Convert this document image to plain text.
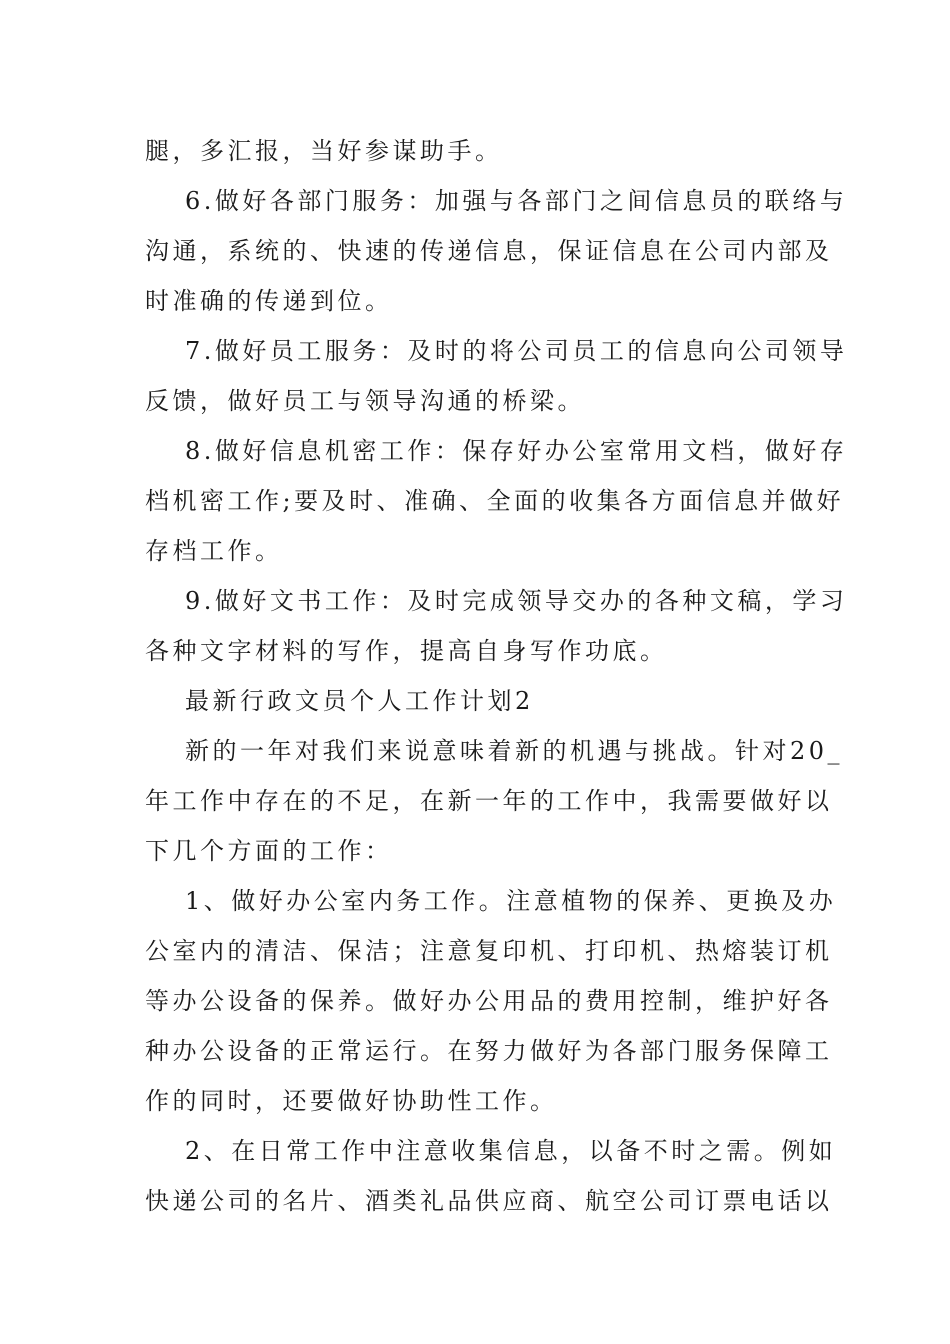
腿，多汇报，当好参谋助手。
6.做好各部门服务：加强与各部门之间信息员的联络与
沟通，系统的、快速的传递信息，保证信息在公司内部及
时准确的传递到位。
7.做好员工服务：及时的将公司员工的信息向公司领导
反馈，做好员工与领导沟通的桥梁。
8.做好信息机密工作：保存好办公室常用文档，做好存
档机密工作;要及时、准确、全面的收集各方面信息并做好
存档工作。
9.做好文书工作：及时完成领导交办的各种文稿，学习
各种文字材料的写作，提高自身写作功底。
最新行政文员个人工作计划2
新的一年对我们来说意味着新的机遇与挑战。针对20_
年工作中存在的不足，在新一年的工作中，我需要做好以
下几个方面的工作：
1、做好办公室内务工作。注意植物的保养、更换及办
公室内的清洁、保洁；注意复印机、打印机、热熔装订机
等办公设备的保养。做好办公用品的费用控制，维护好各
种办公设备的正常运行。在努力做好为各部门服务保障工
作的同时，还要做好协助性工作。
2、在日常工作中注意收集信息，以备不时之需。例如
快递公司的名片、酒类礼品供应商、航空公司订票电话以
